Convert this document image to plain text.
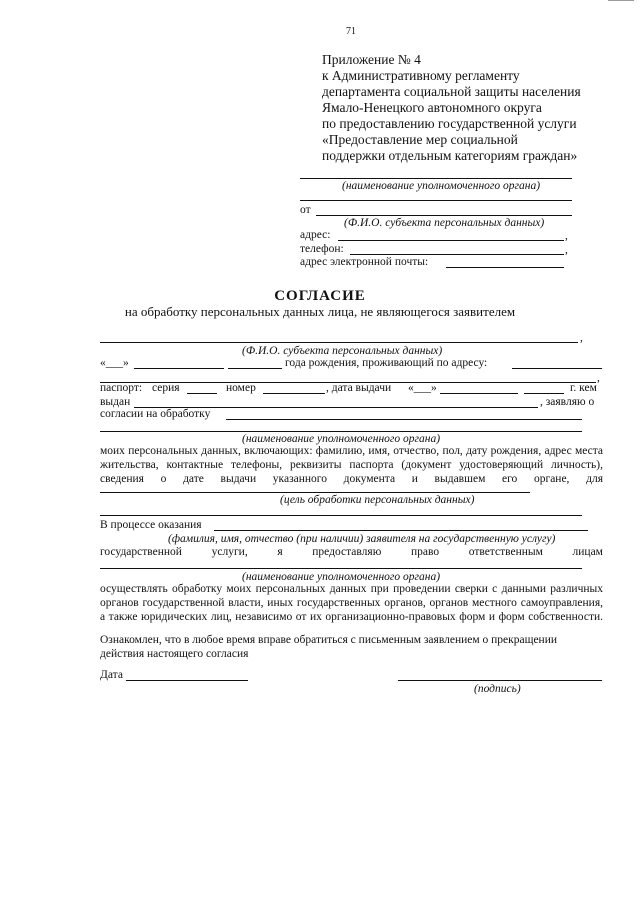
71
Приложение № 4
к Административному регламенту
департамента социальной защиты населения
Ямало-Ненецкого автономного округа
по предоставлению государственной услуги
«Предоставление мер социальной
поддержки отдельным категориям граждан»
(наименование уполномоченного органа)
от
(Ф.И.О. субъекта персональных данных)
адрес:	,
телефон:	,
адрес электронной почты:
СОГЛАСИЕ
на обработку персональных данных лица, не являющегося заявителем
,
(Ф.И.О. субъекта персональных данных)
«___»	года рождения, проживающий по адресу:
,
паспорт: серия	номер	, дата выдачи «___»	г. кем
выдан	, заявляю о
согласии на обработку
(наименование уполномоченного органа)
моих персональных данных, включающих: фамилию, имя, отчество, пол, дату рождения, адрес места жительства, контактные телефоны, реквизиты паспорта (документ удостоверяющий личность), сведения о дате выдачи указанного документа и выдавшем его органе, для
(цель обработки персональных данных)
В процессе оказания
(фамилия, имя, отчество (при наличии) заявителя на государственную услугу)
государственной	услуги,	я	предоставляю	право	ответственным	лицам
(наименование уполномоченного органа)
осуществлять обработку моих персональных данных при проведении сверки с данными различных органов государственной власти, иных государственных органов, органов местного самоуправления, а также юридических лиц, независимо от их организационно-правовых форм и форм собственности.
Ознакомлен, что в любое время вправе обратиться с письменным заявлением о прекращении действия настоящего согласия
Дата
(подпись)
